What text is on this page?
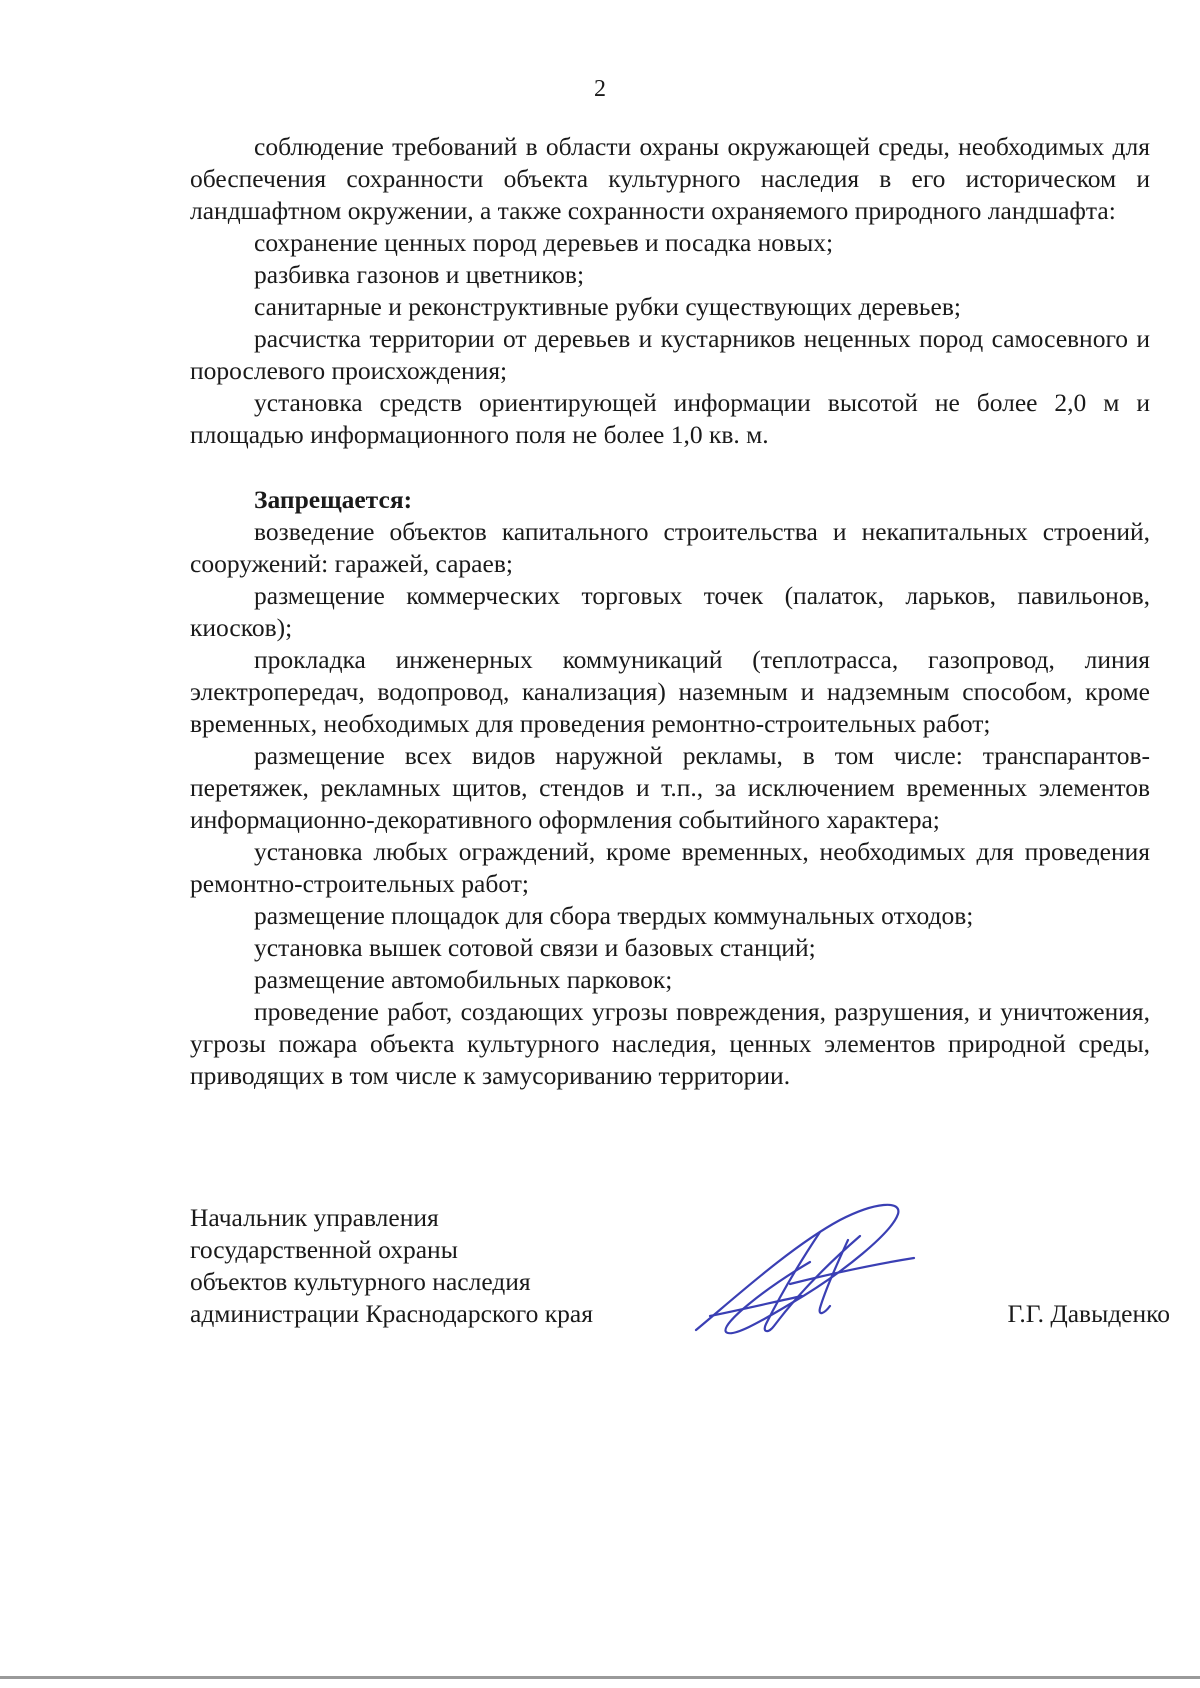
2

соблюдение требований в области охраны окружающей среды, необходимых для обеспечения сохранности объекта культурного наследия в его историческом и ландшафтном окружении, а также сохранности охраняемого природного ландшафта:

сохранение ценных пород деревьев и посадка новых;

разбивка газонов и цветников;

санитарные и реконструктивные рубки существующих деревьев;

расчистка территории от деревьев и кустарников неценных пород самосевного и порослевого происхождения;

установка средств ориентирующей информации высотой не более 2,0 м и площадью информационного поля не более 1,0 кв. м.

Запрещается:

возведение объектов капитального строительства и некапитальных строений, сооружений: гаражей, сараев;

размещение коммерческих торговых точек (палаток, ларьков, павильонов, киосков);

прокладка инженерных коммуникаций (теплотрасса, газопровод, линия электропередач, водопровод, канализация) наземным и надземным способом, кроме временных, необходимых для проведения ремонтно-строительных работ;

размещение всех видов наружной рекламы, в том числе: транспарантов-перетяжек, рекламных щитов, стендов и т.п., за исключением временных элементов информационно-декоративного оформления событийного характера;

установка любых ограждений, кроме временных, необходимых для проведения ремонтно-строительных работ;

размещение площадок для сбора твердых коммунальных отходов;

установка вышек сотовой связи и базовых станций;

размещение автомобильных парковок;

проведение работ, создающих угрозы повреждения, разрушения, и уничтожения, угрозы пожара объекта культурного наследия, ценных элементов природной среды, приводящих в том числе к замусориванию территории.

Начальник управления
государственной охраны
объектов культурного наследия
администрации Краснодарского края	Г.Г. Давыденко
